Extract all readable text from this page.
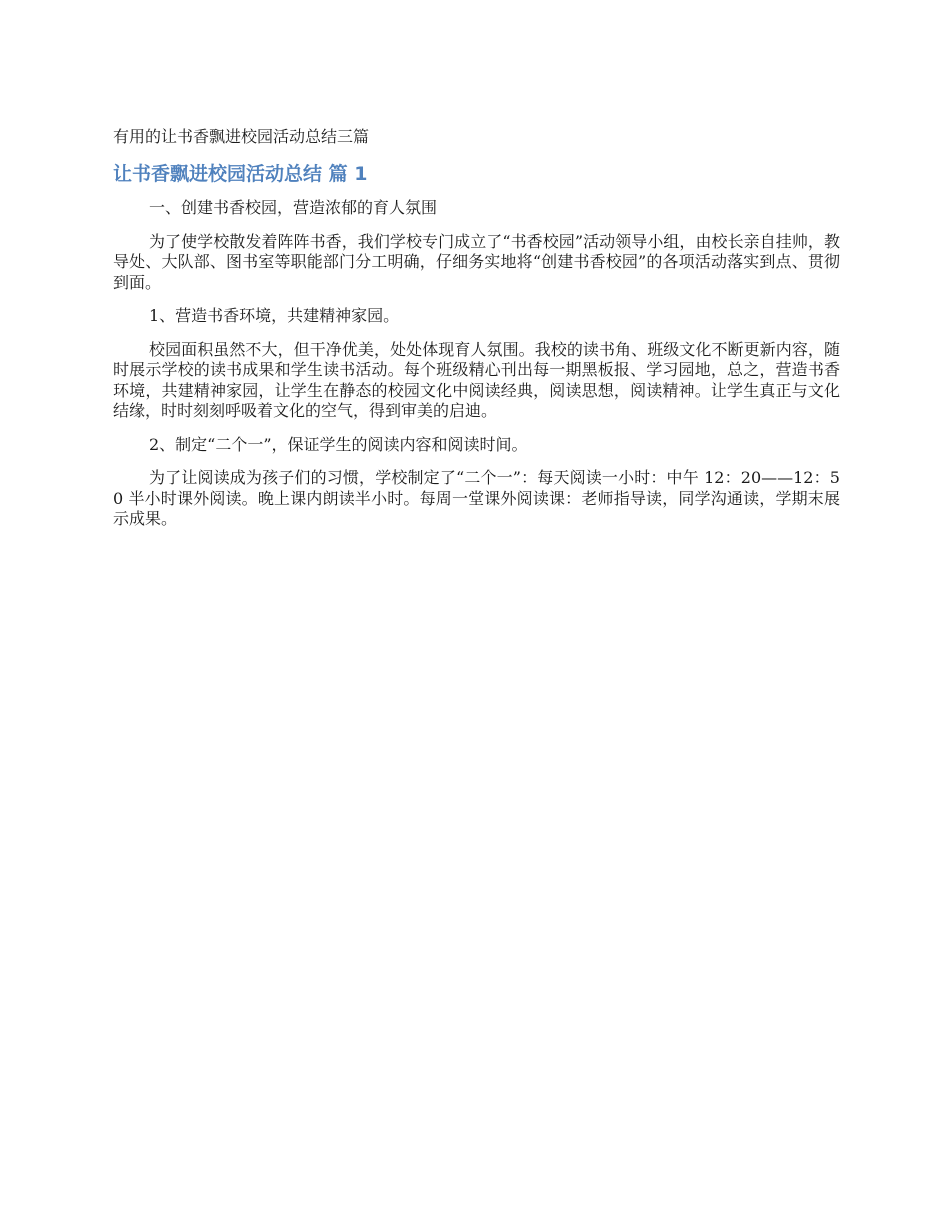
有用的让书香飘进校园活动总结三篇
让书香飘进校园活动总结 篇 1

一、创建书香校园，营造浓郁的育人氛围

为了使学校散发着阵阵书香，我们学校专门成立了“书香校园”活动领导小组，由校长亲自挂帅，教导处、大队部、图书室等职能部门分工明确，仔细务实地将“创建书香校园”的各项活动落实到点、贯彻到面。

1、营造书香环境，共建精神家园。

校园面积虽然不大，但干净优美，处处体现育人氛围。我校的读书角、班级文化不断更新内容，随时展示学校的读书成果和学生读书活动。每个班级精心刊出每一期黑板报、学习园地，总之，营造书香环境，共建精神家园，让学生在静态的校园文化中阅读经典，阅读思想，阅读精神。让学生真正与文化结缘，时时刻刻呼吸着文化的空气，得到审美的启迪。

2、制定“二个一”，保证学生的阅读内容和阅读时间。

为了让阅读成为孩子们的习惯，学校制定了“二个一”：每天阅读一小时：中午 12：20——12：50 半小时课外阅读。晚上课内朗读半小时。每周一堂课外阅读课：老师指导读，同学沟通读，学期末展示成果。
